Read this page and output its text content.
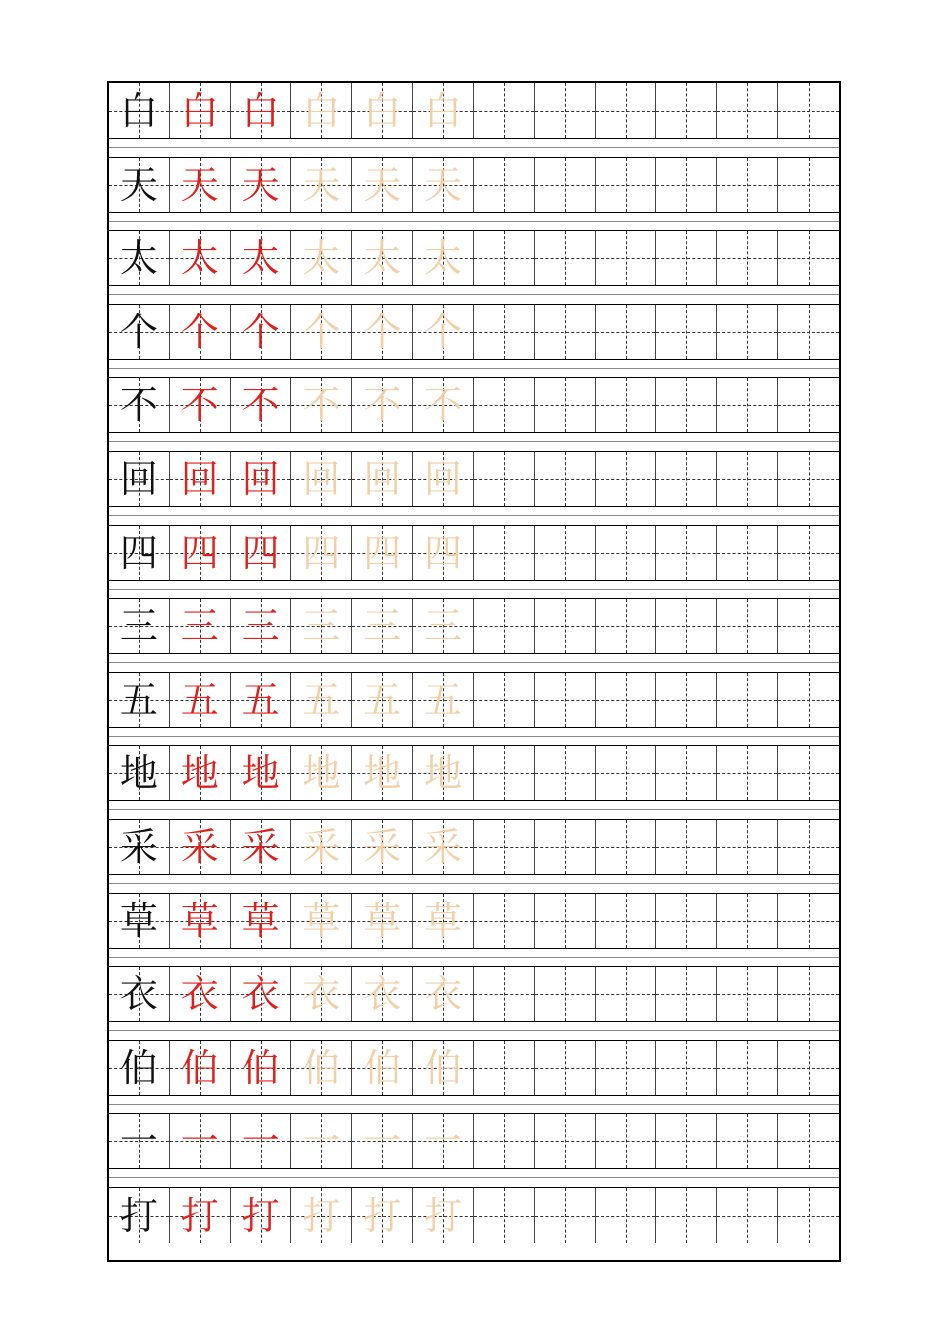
白 白 白 白 白 白
天 天 天 天 天 天
太 太 太 太 太 太
个 个 个 个 个 个
不 不 不 不 不 不
回 回 回 回 回 回
四 四 四 四 四 四
三 三 三 三 三 三
五 五 五 五 五 五
地 地 地 地 地 地
采 采 采 采 采 采
草 草 草 草 草 草
衣 衣 衣 衣 衣 衣
伯 伯 伯 伯 伯 伯
一 一 一 一 一 一
打 打 打 打 打 打
